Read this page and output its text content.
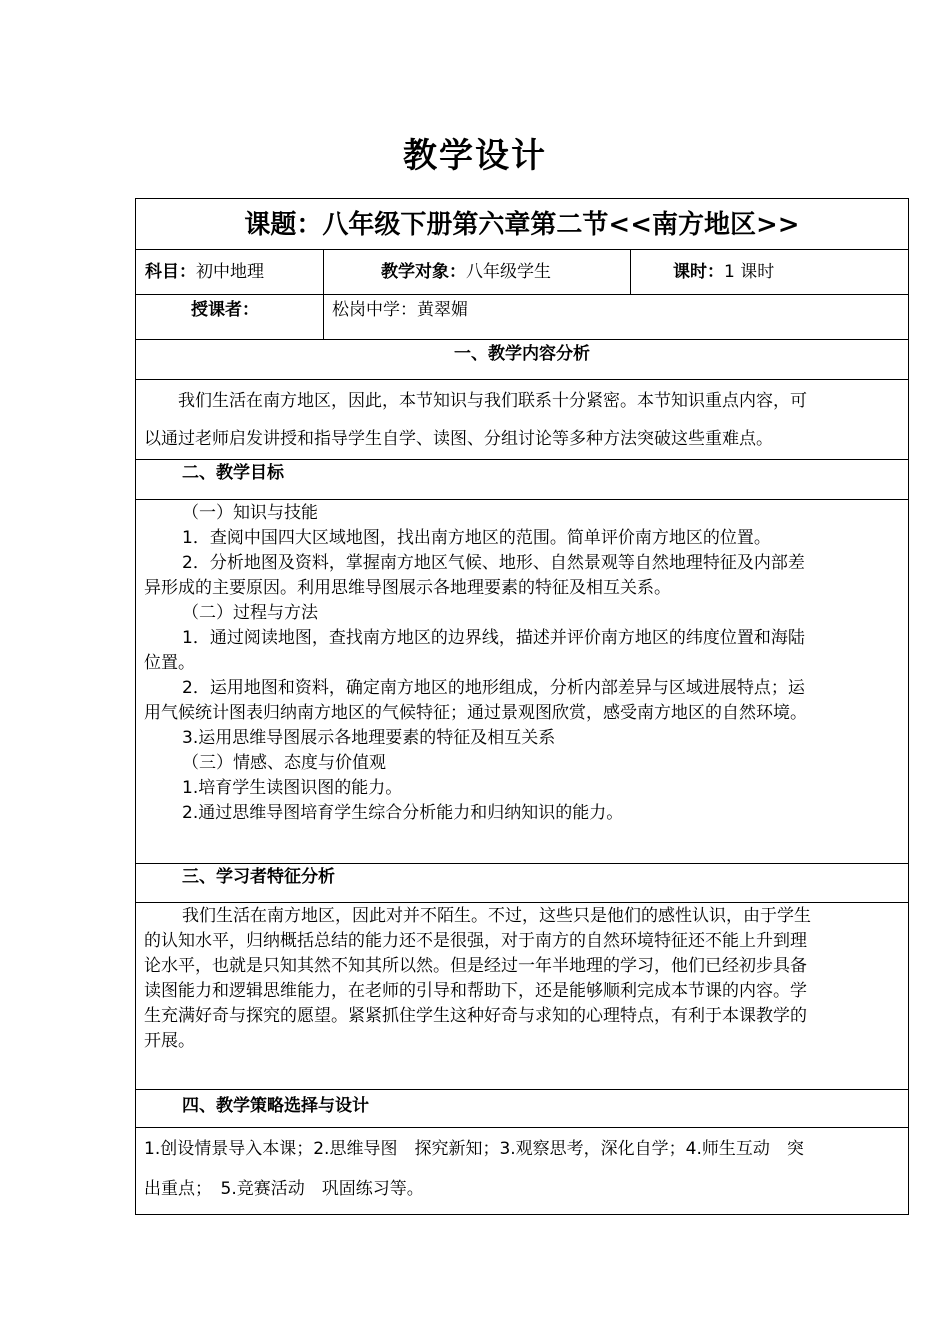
教学设计
课题：八年级下册第六章第二节<<南方地区>>
科目：初中地理	教学对象：八年级学生	课时：1 课时
授课者：	松岗中学：黄翠媚
一、教学内容分析

我们生活在南方地区，因此，本节知识与我们联系十分紧密。本节知识重点内容，可

以通过老师启发讲授和指导学生自学、读图、分组讨论等多种方法突破这些重难点。

二、教学目标

（一）知识与技能

1．查阅中国四大区域地图，找出南方地区的范围。简单评价南方地区的位置。

2．分析地图及资料，掌握南方地区气候、地形、自然景观等自然地理特征及内部差

异形成的主要原因。利用思维导图展示各地理要素的特征及相互关系。

（二）过程与方法

1．通过阅读地图，查找南方地区的边界线，描述并评价南方地区的纬度位置和海陆

位置。

2．运用地图和资料，确定南方地区的地形组成，分析内部差异与区域进展特点；运

用气候统计图表归纳南方地区的气候特征；通过景观图欣赏，感受南方地区的自然环境。

3.运用思维导图展示各地理要素的特征及相互关系

（三）情感、态度与价值观

1.培育学生读图识图的能力。

2.通过思维导图培育学生综合分析能力和归纳知识的能力。

三、学习者特征分析

我们生活在南方地区，因此对并不陌生。不过，这些只是他们的感性认识，由于学生

的认知水平，归纳概括总结的能力还不是很强，对于南方的自然环境特征还不能上升到理

论水平，也就是只知其然不知其所以然。但是经过一年半地理的学习，他们已经初步具备

读图能力和逻辑思维能力，在老师的引导和帮助下，还是能够顺利完成本节课的内容。学

生充满好奇与探究的愿望。紧紧抓住学生这种好奇与求知的心理特点，有利于本课教学的

开展。

四、教学策略选择与设计

1.创设情景导入本课；2.思维导图　探究新知；3.观察思考，深化自学；4.师生互动　突

出重点；　5.竞赛活动　巩固练习等。
